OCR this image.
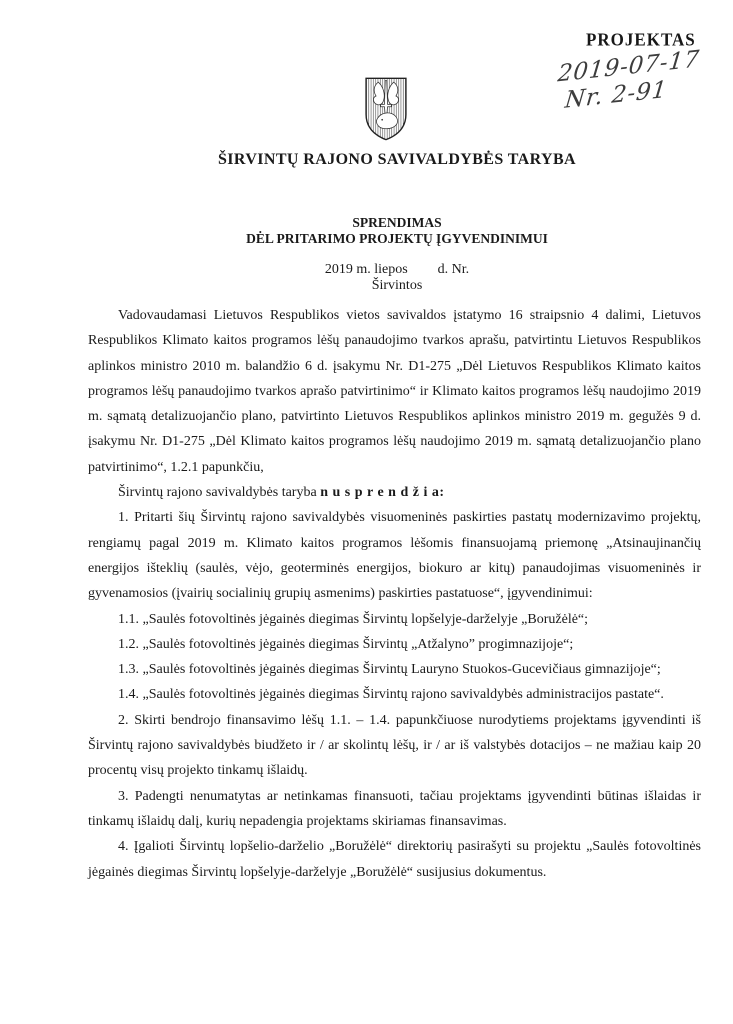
PROJEKTAS
2019-07-17
Nr. 2-91
ŠIRVINTŲ RAJONO SAVIVALDYBĖS TARYBA
SPRENDIMAS
DĖL PRITARIMO PROJEKTŲ ĮGYVENDINIMUI
2019 m. liepos d. Nr.
Širvintos

Vadovaudamasi Lietuvos Respublikos vietos savivaldos įstatymo 16 straipsnio 4 dalimi, Lietuvos Respublikos Klimato kaitos programos lėšų panaudojimo tvarkos aprašu, patvirtintu Lietuvos Respublikos aplinkos ministro 2010 m. balandžio 6 d. įsakymu Nr. D1-275 „Dėl Lietuvos Respublikos Klimato kaitos programos lėšų panaudojimo tvarkos aprašo patvirtinimo“ ir Klimato kaitos programos lėšų naudojimo 2019 m. sąmatą detalizuojančio plano, patvirtinto Lietuvos Respublikos aplinkos ministro 2019 m. gegužės 9 d. įsakymu Nr. D1-275 „Dėl Klimato kaitos programos lėšų naudojimo 2019 m. sąmatą detalizuojančio plano patvirtinimo“, 1.2.1 papunkčiu,

Širvintų rajono savivaldybės taryba n u s p r e n d ž i a:

1. Pritarti šių Širvintų rajono savivaldybės visuomeninės paskirties pastatų modernizavimo projektų, rengiamų pagal 2019 m. Klimato kaitos programos lėšomis finansuojamą priemonę „Atsinaujinančių energijos išteklių (saulės, vėjo, geoterminės energijos, biokuro ar kitų) panaudojimas visuomeninės ir gyvenamosios (įvairių socialinių grupių asmenims) paskirties pastatuose“, įgyvendinimui:

1.1. „Saulės fotovoltinės jėgainės diegimas Širvintų lopšelyje-darželyje „Boružėlė“;

1.2. „Saulės fotovoltinės jėgainės diegimas Širvintų „Atžalyno” progimnazijoje“;

1.3. „Saulės fotovoltinės jėgainės diegimas Širvintų Lauryno Stuokos-Gucevičiaus gimnazijoje“;

1.4. „Saulės fotovoltinės jėgainės diegimas Širvintų rajono savivaldybės administracijos pastate“.

2. Skirti bendrojo finansavimo lėšų 1.1. – 1.4. papunkčiuose nurodytiems projektams įgyvendinti iš Širvintų rajono savivaldybės biudžeto ir / ar skolintų lėšų, ir / ar iš valstybės dotacijos – ne mažiau kaip 20 procentų visų projekto tinkamų išlaidų.

3. Padengti nenumatytas ar netinkamas finansuoti, tačiau projektams įgyvendinti būtinas išlaidas ir tinkamų išlaidų dalį, kurių nepadengia projektams skiriamas finansavimas.

4. Įgalioti Širvintų lopšelio-darželio „Boružėlė“ direktorių pasirašyti su projektu „Saulės fotovoltinės jėgainės diegimas Širvintų lopšelyje-darželyje „Boružėlė“ susijusius dokumentus.
